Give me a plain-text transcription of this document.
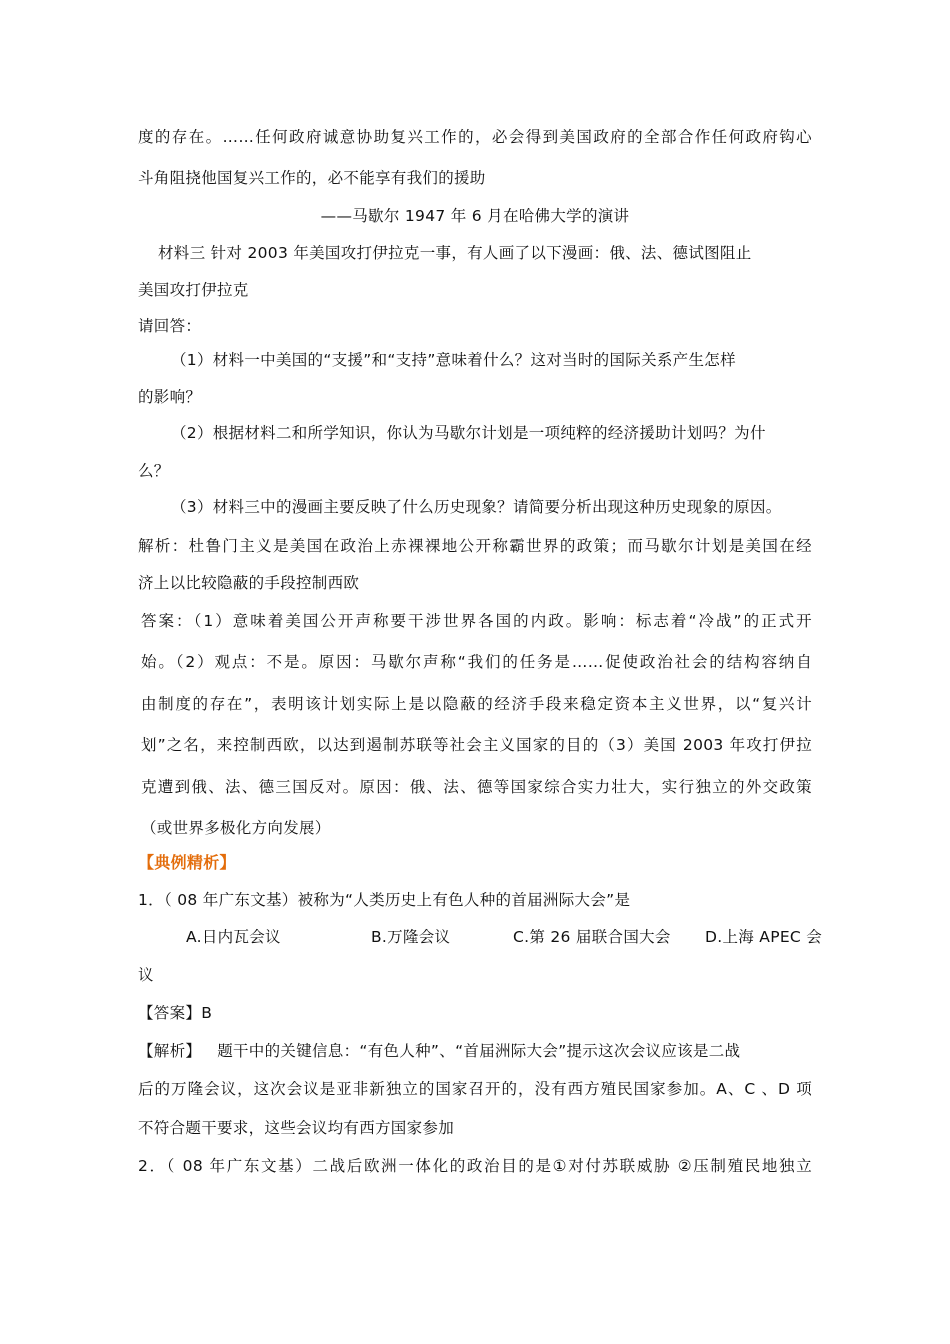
度的存在。……任何政府诚意协助复兴工作的，必会得到美国政府的全部合作任何政府钩心
斗角阻挠他国复兴工作的，必不能享有我们的援助
——马歇尔 1947 年 6 月在哈佛大学的演讲
材料三 针对 2003 年美国攻打伊拉克一事，有人画了以下漫画：俄、法、德试图阻止
美国攻打伊拉克
请回答：
（1）材料一中美国的“支援”和“支持”意味着什么？这对当时的国际关系产生怎样
的影响？
（2）根据材料二和所学知识，你认为马歇尔计划是一项纯粹的经济援助计划吗？为什
么？
（3）材料三中的漫画主要反映了什么历史现象？请简要分析出现这种历史现象的原因。
解析：杜鲁门主义是美国在政治上赤裸裸地公开称霸世界的政策；而马歇尔计划是美国在经
济上以比较隐蔽的手段控制西欧
答案：（1）意味着美国公开声称要干涉世界各国的内政。影响：标志着“冷战”的正式开
始。（2）观点：不是。原因：马歇尔声称“我们的任务是……促使政治社会的结构容纳自
由制度的存在”，表明该计划实际上是以隐蔽的经济手段来稳定资本主义世界，以“复兴计
划”之名，来控制西欧，以达到遏制苏联等社会主义国家的目的（3）美国 2003 年攻打伊拉
克遭到俄、法、德三国反对。原因：俄、法、德等国家综合实力壮大，实行独立的外交政策
（或世界多极化方向发展）
【典例精析】
1．（ 08 年广东文基）被称为“人类历史上有色人种的首届洲际大会”是
A.日内瓦会议	B.万隆会议	C.第 26 届联合国大会 D.上海 APEC 会
议
【答案】B
【解析】 题干中的关键信息：“有色人种”、“首届洲际大会”提示这次会议应该是二战
后的万隆会议，这次会议是亚非新独立的国家召开的，没有西方殖民国家参加。A、C 、D 项
不符合题干要求，这些会议均有西方国家参加
2．（ 08 年广东文基）二战后欧洲一体化的政治目的是①对付苏联威胁 ②压制殖民地独立
